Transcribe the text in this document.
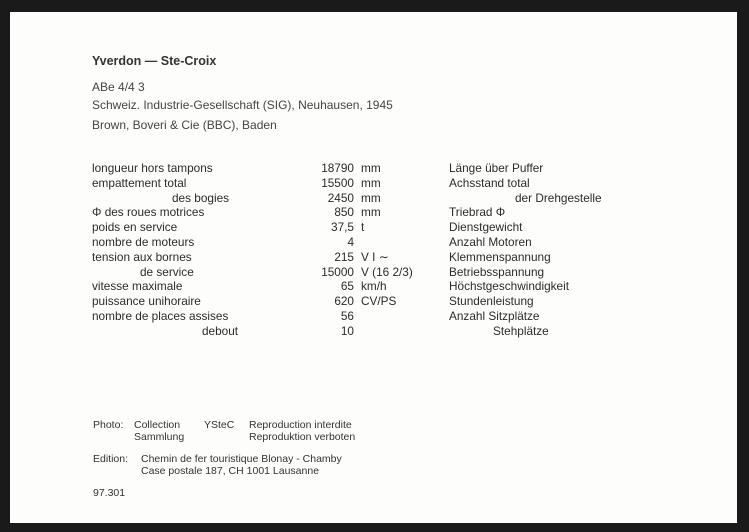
Yverdon — Ste-Croix
ABe 4/4 3
Schweiz. Industrie-Gesellschaft (SIG), Neuhausen, 1945
Brown, Boveri & Cie (BBC), Baden
longueur hors tampons	18790 mm	Länge über Puffer
empattement total	15500 mm	Achsstand total
des bogies	2450 mm	der Drehgestelle
Φ des roues motrices	850 mm	Triebrad Φ
poids en service	37,5 t	Dienstgewicht
nombre de moteurs	4	Anzahl Motoren
tension aux bornes	215 V I ∼	Klemmenspannung
de service	15000 V (16 2/3)	Betriebsspannung
vitesse maximale	65 km/h	Höchstgeschwindigkeit
puissance unihoraire	620 CV/PS	Stundenleistung
nombre de places assises	56	Anzahl Sitzplätze
debout	10	Stehplätze
Photo: Collection YSteC Reproduction interdite
Sammlung	Reproduktion verboten
Edition: Chemin de fer touristique Blonay - Chamby
Case postale 187, CH 1001 Lausanne
97.301
